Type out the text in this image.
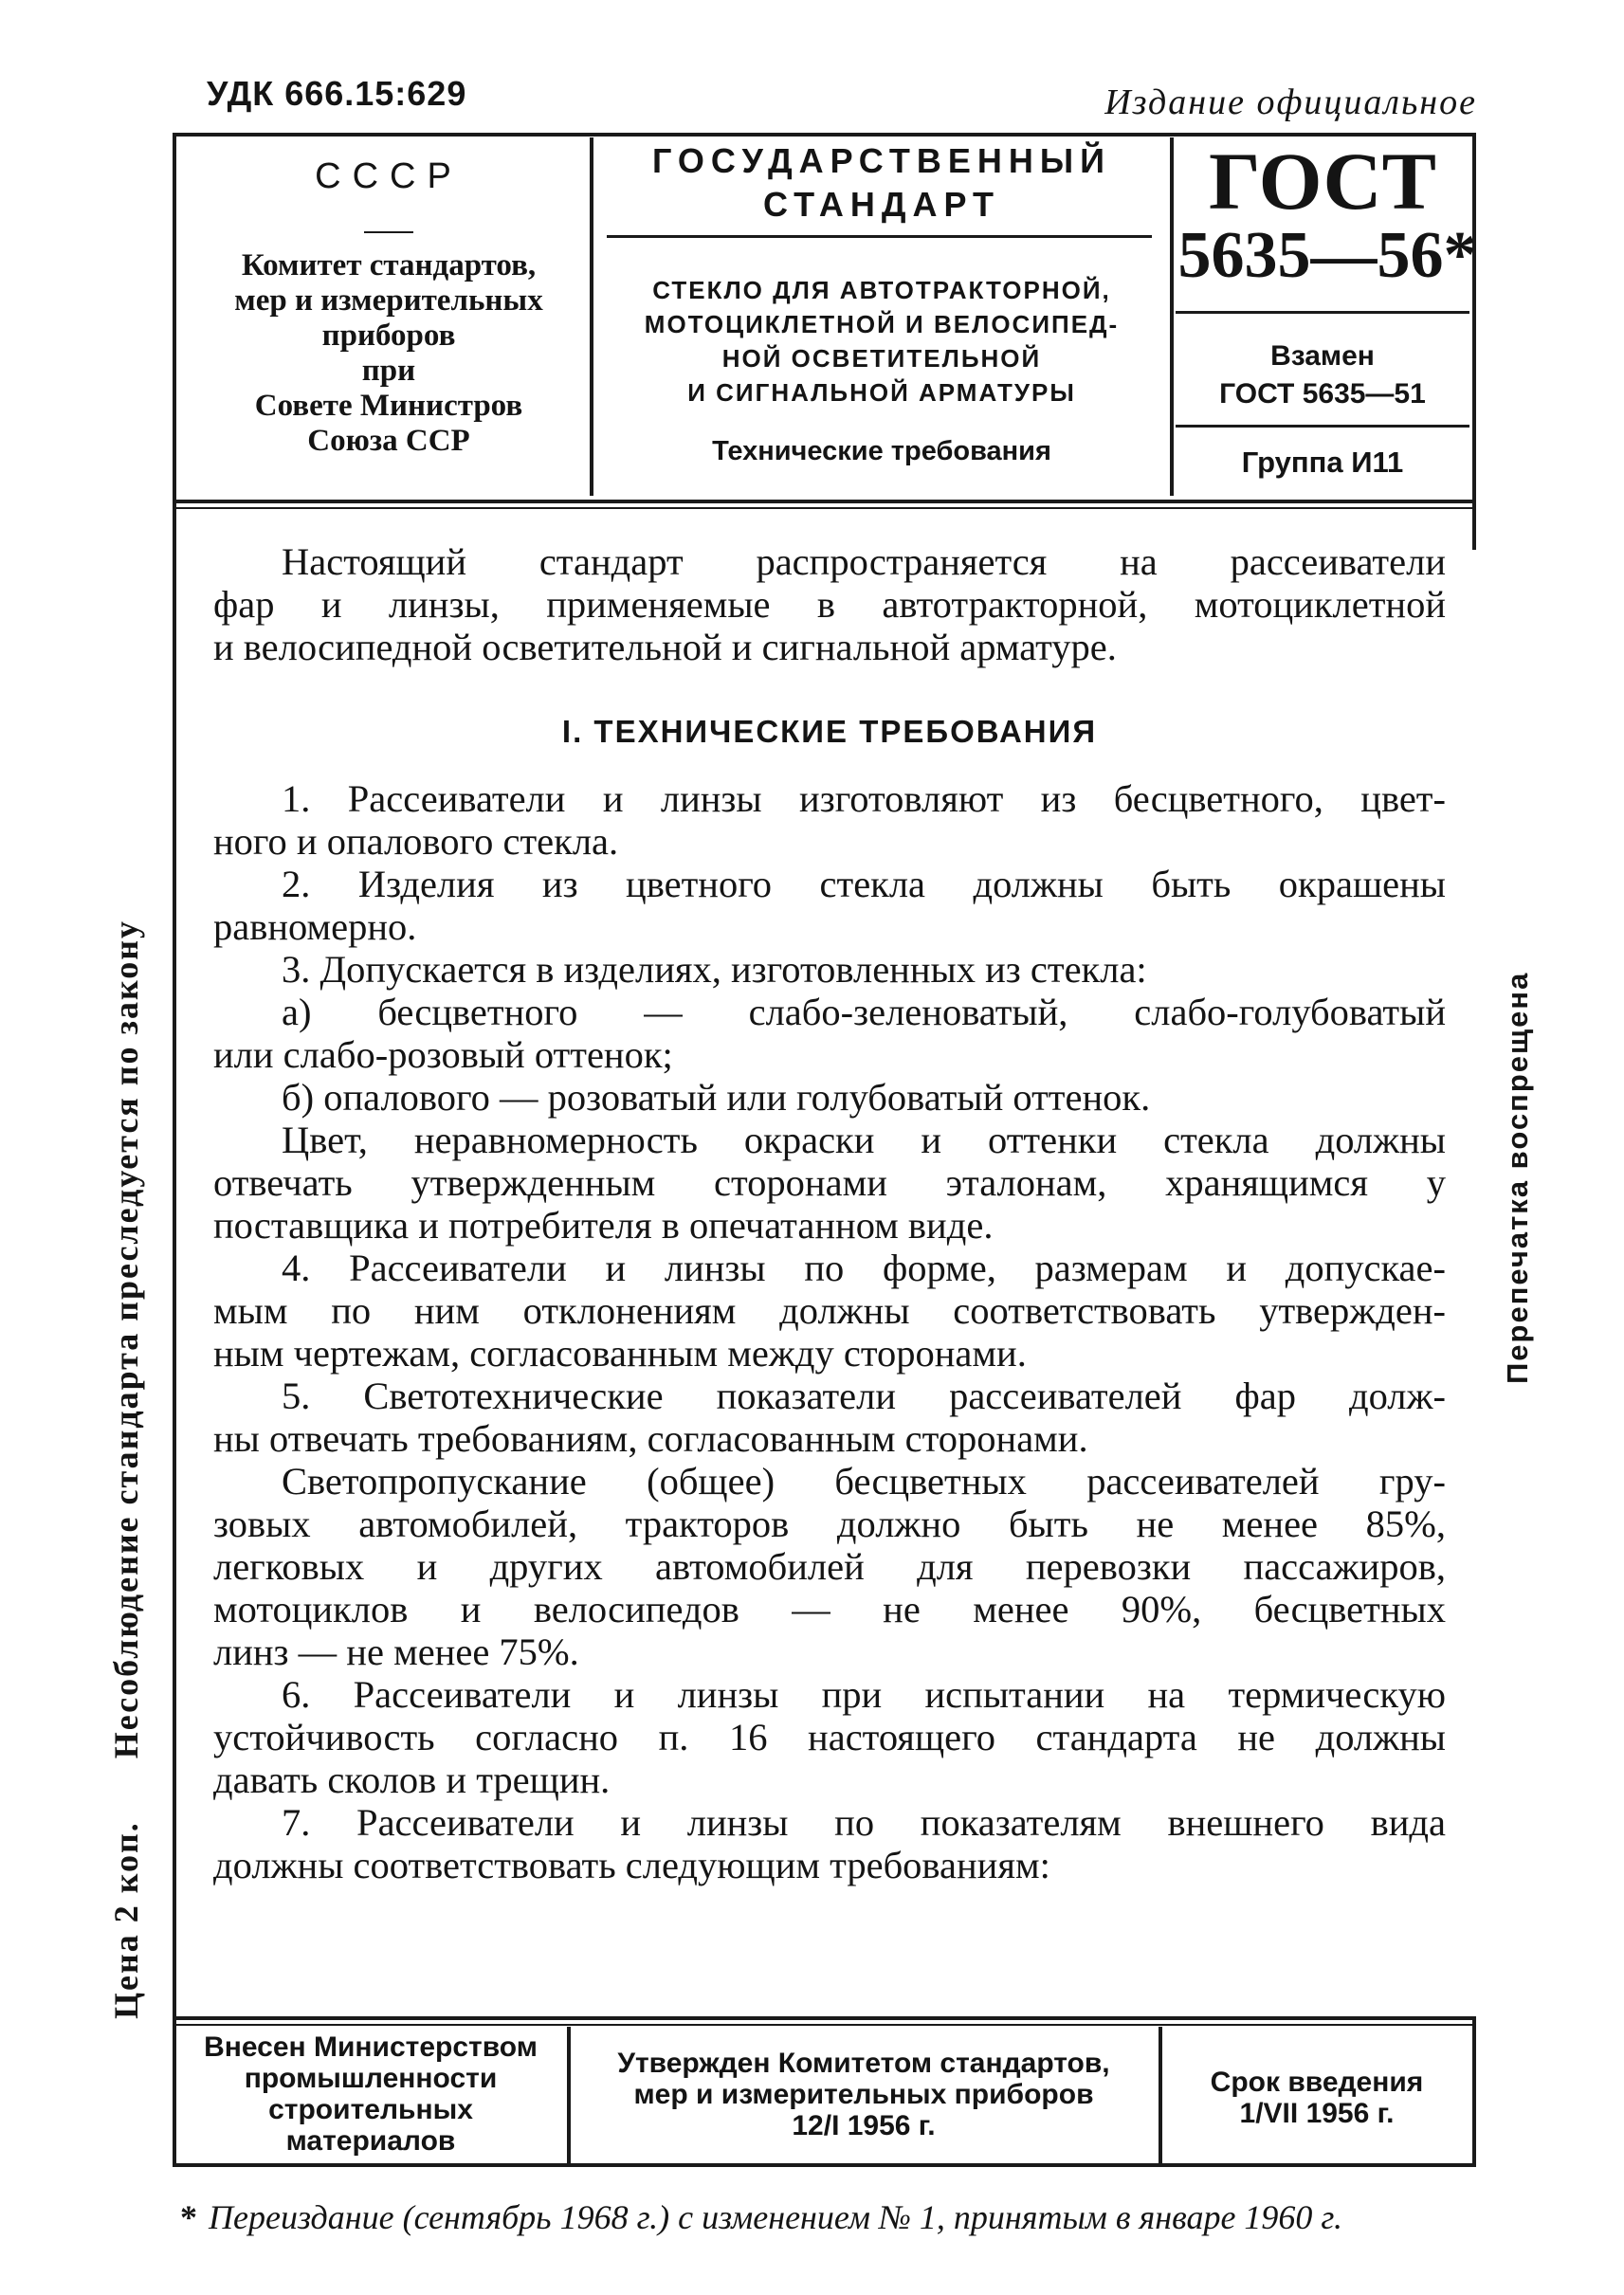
УДК 666.15:629	Издание официальное
СССР
Комитет стандартов,
мер и измерительных
приборов
при
Совете Министров
Союза ССР
ГОСУДАРСТВЕННЫЙ
СТАНДАРТ
СТЕКЛО ДЛЯ АВТОТРАКТОРНОЙ,
МОТОЦИКЛЕТНОЙ И ВЕЛОСИПЕД-
НОЙ ОСВЕТИТЕЛЬНОЙ
И СИГНАЛЬНОЙ АРМАТУРЫ
Технические требования
ГОСТ
5635—56*
Взамен
ГОСТ 5635—51
Группа И11

Настоящий стандарт распространяется на рассеиватели

фар и линзы, применяемые в автотракторной, мотоциклетной

и велосипедной осветительной и сигнальной арматуре.

I. ТЕХНИЧЕСКИЕ ТРЕБОВАНИЯ

1. Рассеиватели и линзы изготовляют из бесцветного, цвет-

ного и опалового стекла.

2. Изделия из цветного стекла должны быть окрашены

равномерно.

3. Допускается в изделиях, изготовленных из стекла:

а) бесцветного — слабо-зеленоватый, слабо-голубоватый

или слабо-розовый оттенок;

б) опалового — розоватый или голубоватый оттенок.

Цвет, неравномерность окраски и оттенки стекла должны

отвечать утвержденным сторонами эталонам, хранящимся у

поставщика и потребителя в опечатанном виде.

4. Рассеиватели и линзы по форме, размерам и допускае-

мым по ним отклонениям должны соответствовать утвержден-

ным чертежам, согласованным между сторонами.

5. Светотехнические показатели рассеивателей фар долж-

ны отвечать требованиям, согласованным сторонами.

Светопропускание (общее) бесцветных рассеивателей гру-

зовых автомобилей, тракторов должно быть не менее 85%,

легковых и других автомобилей для перевозки пассажиров,

мотоциклов и велосипедов — не менее 90%, бесцветных

линз — не менее 75%.

6. Рассеиватели и линзы при испытании на термическую

устойчивость согласно п. 16 настоящего стандарта не должны

давать сколов и трещин.

7. Рассеиватели и линзы по показателям внешнего вида

должны соответствовать следующим требованиям:

Цена 2 коп.      Несоблюдение стандарта преследуется по закону	Перепечатка воспрещена
Внесен Министерством
промышленности
строительных
материалов
Утвержден Комитетом стандартов,
мер и измерительных приборов
12/I 1956 г.
Срок введения
1/VII 1956 г.
* Переиздание (сентябрь 1968 г.) с изменением № 1, принятым в январе 1960 г.
